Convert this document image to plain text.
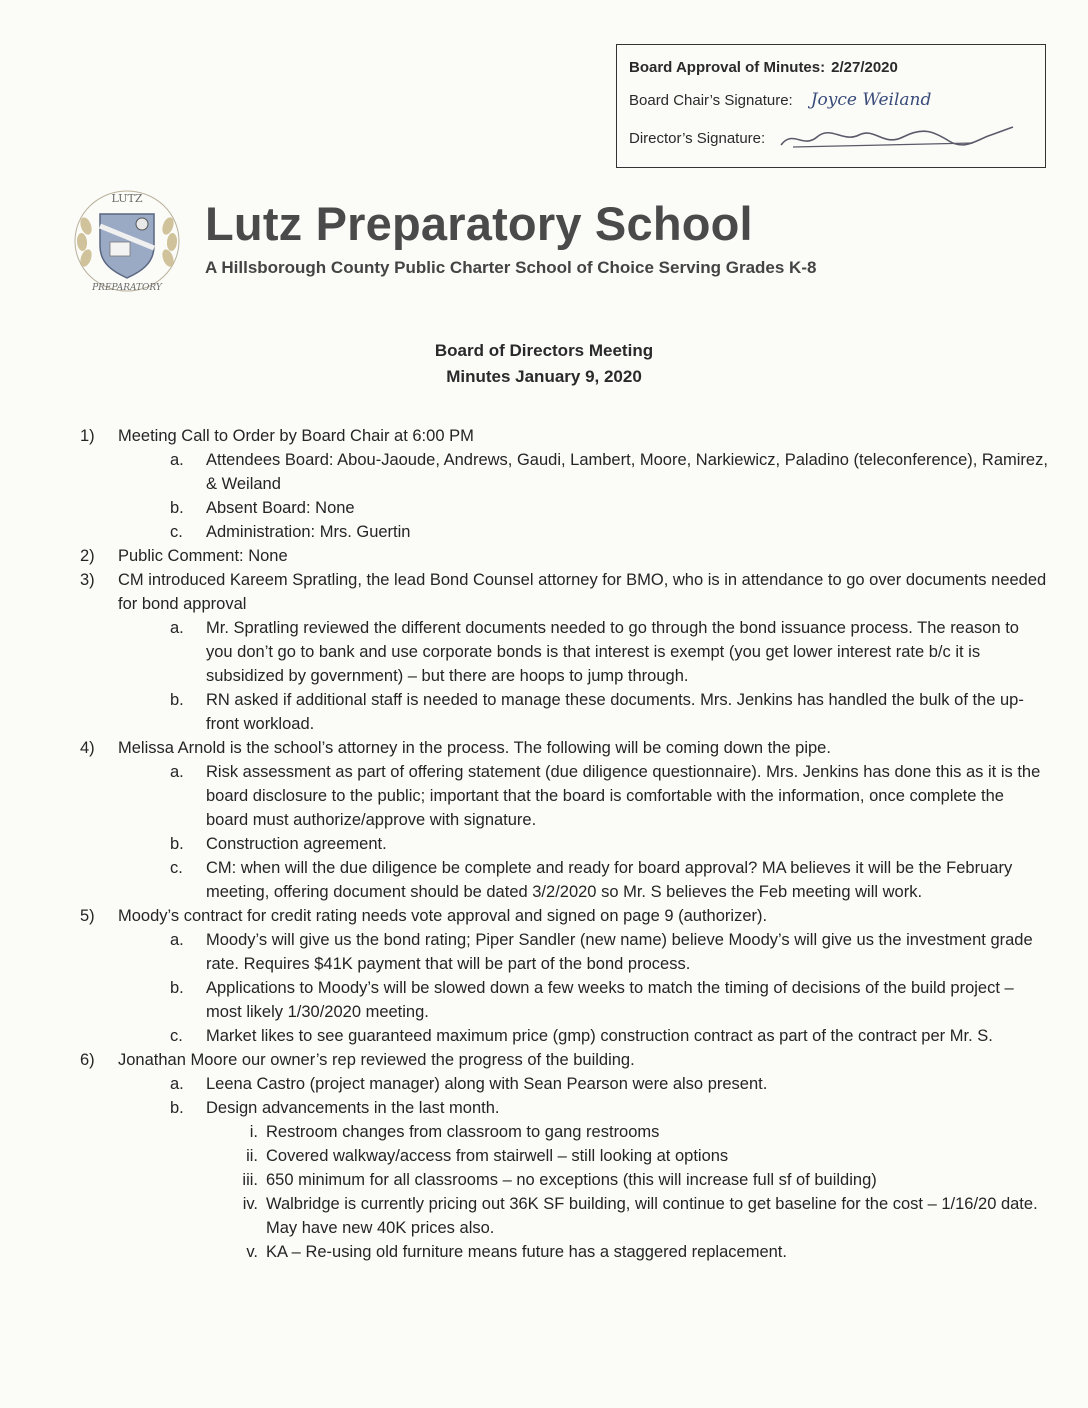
Board Approval of Minutes: 2/27/2020
Board Chair’s Signature: Joyce Weiland
Director’s Signature:
LUTZ
PREPARATORY
Lutz Preparatory School
A Hillsborough County Public Charter School of Choice Serving Grades K-8
Board of Directors Meeting
Minutes January 9, 2020
1)	Meeting Call to Order by Board Chair at 6:00 PM
a.	Attendees Board: Abou-Jaoude, Andrews, Gaudi, Lambert, Moore, Narkiewicz, Paladino (teleconference), Ramirez, & Weiland
b.	Absent Board: None
c.	Administration: Mrs. Guertin
2)	Public Comment: None
3)	CM introduced Kareem Spratling, the lead Bond Counsel attorney for BMO, who is in attendance to go over documents needed for bond approval
a.	Mr. Spratling reviewed the different documents needed to go through the bond issuance process. The reason to you don’t go to bank and use corporate bonds is that interest is exempt (you get lower interest rate b/c it is subsidized by government) – but there are hoops to jump through.
b.	RN asked if additional staff is needed to manage these documents. Mrs. Jenkins has handled the bulk of the up-front workload.
4)	Melissa Arnold is the school’s attorney in the process. The following will be coming down the pipe.
a.	Risk assessment as part of offering statement (due diligence questionnaire). Mrs. Jenkins has done this as it is the board disclosure to the public; important that the board is comfortable with the information, once complete the board must authorize/approve with signature.
b.	Construction agreement.
c.	CM: when will the due diligence be complete and ready for board approval? MA believes it will be the February meeting, offering document should be dated 3/2/2020 so Mr. S believes the Feb meeting will work.
5)	Moody’s contract for credit rating needs vote approval and signed on page 9 (authorizer).
a.	Moody’s will give us the bond rating; Piper Sandler (new name) believe Moody’s will give us the investment grade rate. Requires $41K payment that will be part of the bond process.
b.	Applications to Moody’s will be slowed down a few weeks to match the timing of decisions of the build project – most likely 1/30/2020 meeting.
c.	Market likes to see guaranteed maximum price (gmp) construction contract as part of the contract per Mr. S.
6)	Jonathan Moore our owner’s rep reviewed the progress of the building.
a.	Leena Castro (project manager) along with Sean Pearson were also present.
b.	Design advancements in the last month.
i. Restroom changes from classroom to gang restrooms
ii. Covered walkway/access from stairwell – still looking at options
iii. 650 minimum for all classrooms – no exceptions (this will increase full sf of building)
iv. Walbridge is currently pricing out 36K SF building, will continue to get baseline for the cost – 1/16/20 date. May have new 40K prices also.
v. KA – Re-using old furniture means future has a staggered replacement.
